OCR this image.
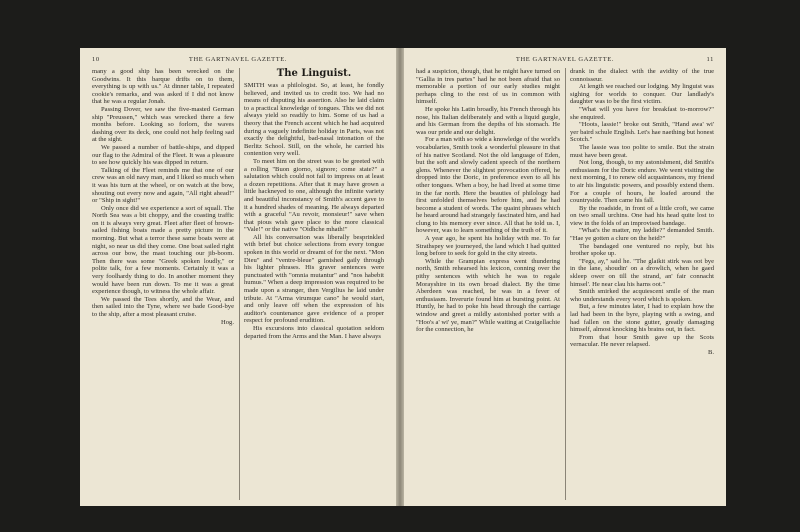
10	THE GARTNAVEL GAZETTE.

many a good ship has been wrecked on the Goodwins. It this barque drifts on to them, everything is up with us." At dinner table, I repeated cookie's remarks, and was asked if I did not know that he was a regular Jonah.

Passing Dover, we saw the five-masted German ship "Preussen," which was wrecked there a few months before. Looking so forlorn, the waves dashing over its deck, one could not help feeling sad at the sight.

We passed a number of battle-ships, and dipped our flag to the Admiral of the Fleet. It was a pleasure to see how quickly his was dipped in return.

Talking of the Fleet reminds me that one of our crew was an old navy man, and I liked so much when it was his turn at the wheel, or on watch at the bow, shouting out every now and again, "All right ahead!" or "Ship in sight!"

Only once did we experience a sort of squall. The North Sea was a bit choppy, and the coasting traffic on it is always very great. Fleet after fleet of brown-sailed fishing boats made a pretty picture in the morning. But what a terror these same boats were at night, so near us did they come. One boat sailed right across our bow, the mast touching our jib-boom. Then there was some "Greek spoken loudly," or polite talk, for a few moments. Certainly it was a very foolhardy thing to do. In another moment they would have been run down. To me it was a great experience though, to witness the whole affair.

We passed the Tees shortly, and the Wear, and then sailed into the Tyne, where we bade Good-bye to the ship, after a most pleasant cruise.

Hog.

The Linguist.

SMITH was a philologist. So, at least, he fondly believed, and invited us to credit too. We had no means of disputing his assertion. Also he laid claim to a practical knowledge of tongues. This we did not always yield so readily to him. Some of us had a theory that the French accent which he had acquired during a vaguely indefinite holiday in Paris, was not exactly the delightful, bad-nasal intonation of the Berlitz School. Still, on the whole, he carried his contention very well.

To meet him on the street was to be greeted with a rolling "Buon giorno, signore; come state?" a salutation which could not fail to impress on at least a dozen repetitions. After that it may have grown a little hackneyed to one, although the infinite variety and beautiful inconstancy of Smith's accent gave to it a hundred shades of meaning. He always departed with a graceful "Au revoir, monsieur!" save when that pious wish gave place to the more classical "Vale!" or the native "Oidhche mhath!"

All his conversation was liberally besprinkled with brief but choice selections from every tongue spoken in this world or dreamt of for the next. "Mon Dieu" and "ventre-bleue" garnished gaily through his lighter phrases. His graver sentences were punctuated with "omnia mutantur" and "nos habebit humus." When a deep impression was required to be made upon a stranger, then Vergilius he laid under tribute. At "Arma virumque cano" he would start, and only leave off when the expression of his auditor's countenance gave evidence of a proper respect for profound erudition.

His excursions into classical quotation seldom departed from the Arms and the Man. I have always

THE GARTNAVEL GAZETTE.	11

had a suspicion, though, that he might have turned on "Gallia in tres partes" had he not been afraid that so memorable a portion of our early studies might perhaps cling to the rest of us in common with himself.

He spoke his Latin broadly, his French through his nose, his Italian deliberately and with a liquid gurgle, and his German from the depths of his stomach. He was our pride and our delight.

For a man with so wide a knowledge of the world's vocabularies, Smith took a wonderful pleasure in that of his native Scotland. Not the old language of Eden, but the soft and slowly cadent speech of the northern glens. Whenever the slightest provocation offered, he dropped into the Doric, in preference even to all his other tongues. When a boy, he had lived at some time in the far north. Here the beauties of philology had first unfolded themselves before him, and he had become a student of words. The quaint phrases which he heard around had strangely fascinated him, and had clung to his memory ever since. All that he told us. I, however, was to learn something of the truth of it.

A year ago, he spent his holiday with me. To far Strathspey we journeyed, the land which I had quitted long before to seek for gold in the city streets.

While the Grampian express went thundering north, Smith rehearsed his lexicon, conning over the pithy sentences with which he was to regale Morayshire in its own broad dialect. By the time Aberdeen was reached, he was in a fever of enthusiasm. Inverurie found him at bursting point. At Huntly, he had to poke his head through the carriage window and greet a mildly astonished porter with a "Hoo's a' wi' ye, man?" While waiting at Craigellachie for the connection, he

drank in the dialect with the avidity of the true connoisseur.

At length we reached our lodging. My linguist was sighing for worlds to conquer. Our landlady's daughter was to be the first victim.

"What will you have for breakfast to-morrow?" she enquired.

"Hoots, lassie!" broke out Smith, "Hand awa' wi' yer baird schule English. Let's hae naething but honest Scotch."

The lassie was too polite to smile. But the strain must have been great.

Not long, though, to my astonishment, did Smith's enthusiasm for the Doric endure. We went visiting the next morning, I to renew old acquaintances, my friend to air his linguistic powers, and possibly extend them. For a couple of hours, he loafed around the countryside. Then came his fall.

By the roadside, in front of a little croft, we came on two small urchins. One had his head quite lost to view in the folds of an improvised bandage.

"What's the matter, my laddie?" demanded Smith. "Hae ye gotten a clure on the heid?"

The bandaged one ventured no reply, but his brother spoke up.

"Fegs, ay," said he. "The glaikit stirk was oot bye in the lane, shoudin' on a drowlich, when he gaed skleep ower on till the strand, an' fair connacht himsel'. He near clau his harns oot."

Smith smirked the acquiescent smile of the man who understands every word which is spoken.

But, a few minutes later, I had to explain how the lad had been in the byre, playing with a swing, and had fallen on the stone gutter, greatly damaging himself, almost knocking his brains out, in fact.

From that hour Smith gave up the Scots vernacular. He never relapsed.

B.
